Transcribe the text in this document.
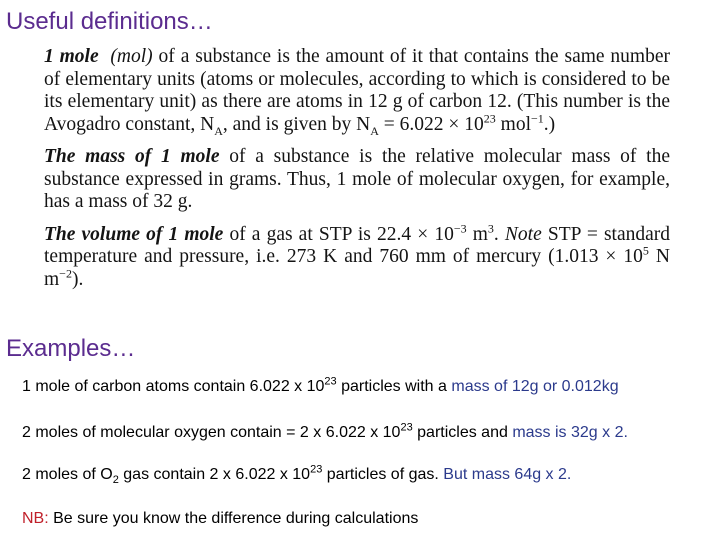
Useful definitions…

1 mole (mol) of a substance is the amount of it that contains the same number of elementary units (atoms or molecules, according to which is considered to be its elementary unit) as there are atoms in 12 g of carbon 12. (This number is the Avogadro constant, $N_A$, and is given by $N_A = 6.022 \times 10^{23}$ mol$^{-1}$.)

The mass of 1 mole of a substance is the relative molecular mass of the substance expressed in grams. Thus, 1 mole of molecular oxygen, for example, has a mass of 32 g.

The volume of 1 mole of a gas at STP is $22.4 \times 10^{-3}$ $m^3$. Note STP = standard temperature and pressure, i.e. 273 K and 760 mm of mercury ($1.013 \times 10^5$ N $m^{-2}$).

Examples…
1 mole of carbon atoms contain 6.022 x $10^{23}$ particles with a mass of 12g or 0.012kg
2 moles of molecular oxygen contain = 2 x 6.022 x $10^{23}$ particles and mass is 32g x 2.
2 moles of $O_2$ gas contain 2 x 6.022 x $10^{23}$ particles of gas. But mass 64g x 2.
NB: Be sure you know the difference during calculations
